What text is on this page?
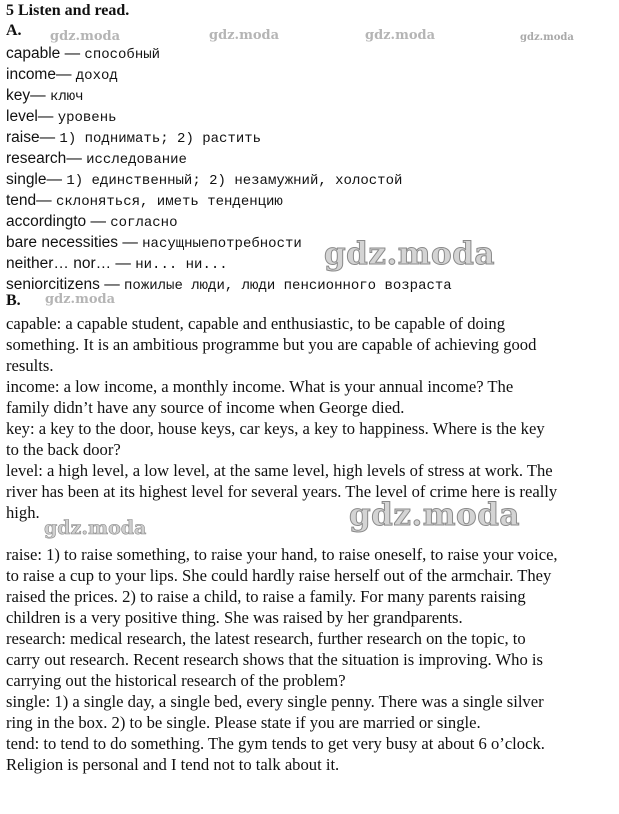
5 Listen and read.
A.
capable — способный
income— доход
key— ключ
level— уровень
raise— 1) поднимать; 2) растить
research— исследование
single— 1) единственный; 2) незамужний, холостой
tend— склоняться, иметь тенденцию
accordingto — согласно
bare necessities — насущныепотребности
neither… nor… — ни... ни...
seniorcitizens — пожилые люди, люди пенсионного возраста
B.
capable: a capable student, capable and enthusiastic, to be capable of doing
something. It is an ambitious programme but you are capable of achieving good
results.
income: a low income, a monthly income. What is your annual income? The
family didn’t have any source of income when George died.
key: a key to the door, house keys, car keys, a key to happiness. Where is the key
to the back door?
level: a high level, a low level, at the same level, high levels of stress at work. The
river has been at its highest level for several years. The level of crime here is really
high.
raise: 1) to raise something, to raise your hand, to raise oneself, to raise your voice,
to raise a cup to your lips. She could hardly raise herself out of the armchair. They
raised the prices. 2) to raise a child, to raise a family. For many parents raising
children is a very positive thing. She was raised by her grandparents.
research: medical research, the latest research, further research on the topic, to
carry out research. Recent research shows that the situation is improving. Who is
carrying out the historical research of the problem?
single: 1) a single day, a single bed, every single penny. There was a single silver
ring in the box. 2) to be single. Please state if you are married or single.
tend: to tend to do something. The gym tends to get very busy at about 6 o’clock.
Religion is personal and I tend not to talk about it.
gdz.moda	gdz.moda	gdz.moda	gdz.moda
gdz.moda
gdz.moda
gdz.moda	gdz.moda
